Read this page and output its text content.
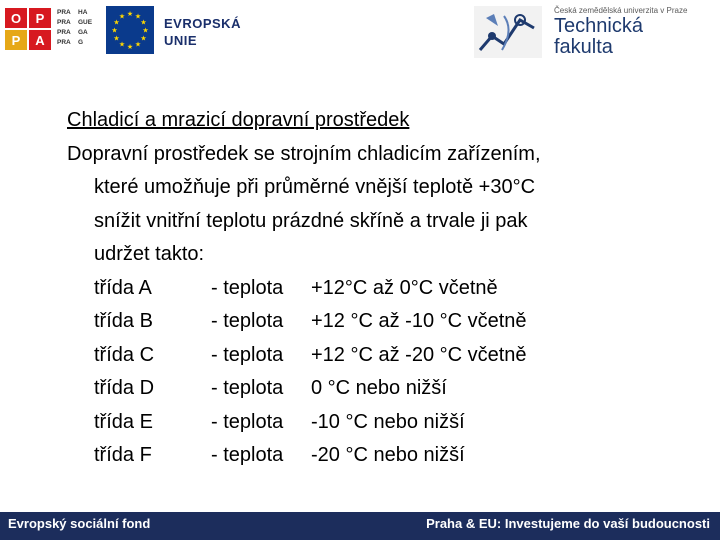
O	P
P	A
PRA	HA
PRA	GUE
PRA	GA
PRA	G
★ ★
★
★
★
★
★
★
★
★
★
★	EVROPSKÁ
UNIE
Česká zemědělská univerzita v Praze
Technická
fakulta

Chladicí a mrazicí dopravní prostředek

Dopravní prostředek se strojním chladicím zařízením,

které umožňuje při průměrné vnější teplotě +30°C

snížit vnitřní teplotu prázdné skříně a trvale ji pak

udržet takto:

třída A	- teplota	+12°C až 0°C včetně
třída B	- teplota	+12 °C až -10 °C včetně
třída C	- teplota	+12 °C až -20 °C včetně
třída D	- teplota	0 °C nebo nižší
třída E	- teplota	-10 °C nebo nižší
třída F	- teplota	-20 °C nebo nižší
Evropský sociální fond	Praha & EU: Investujeme do vaší budoucnosti
